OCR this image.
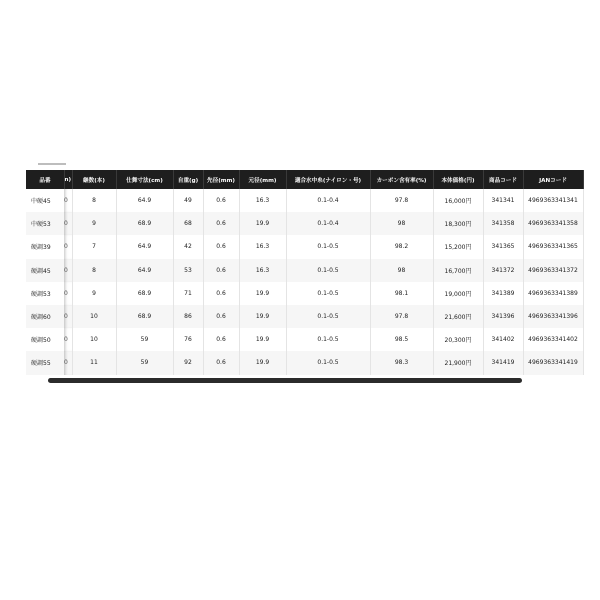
品番	n)	継数(本)	仕舞寸法(cm)	自重(g)	先径(mm)	元径(mm)	適合水中糸(ナイロン・号)	カーボン含有率(%)	本体価格(円)	商品コード	JANコード
中硬45	0	8	64.9	49	0.6	16.3	0.1-0.4	97.8	16,000円	341341	4969363341341
中硬53	0	9	68.9	68	0.6	19.9	0.1-0.4	98	18,300円	341358	4969363341358
硬調39	0	7	64.9	42	0.6	16.3	0.1-0.5	98.2	15,200円	341365	4969363341365
硬調45	0	8	64.9	53	0.6	16.3	0.1-0.5	98	16,700円	341372	4969363341372
硬調53	0	9	68.9	71	0.6	19.9	0.1-0.5	98.1	19,000円	341389	4969363341389
硬調60	0	10	68.9	86	0.6	19.9	0.1-0.5	97.8	21,600円	341396	4969363341396
硬調50	0	10	59	76	0.6	19.9	0.1-0.5	98.5	20,300円	341402	4969363341402
硬調55	0	11	59	92	0.6	19.9	0.1-0.5	98.3	21,900円	341419	4969363341419
